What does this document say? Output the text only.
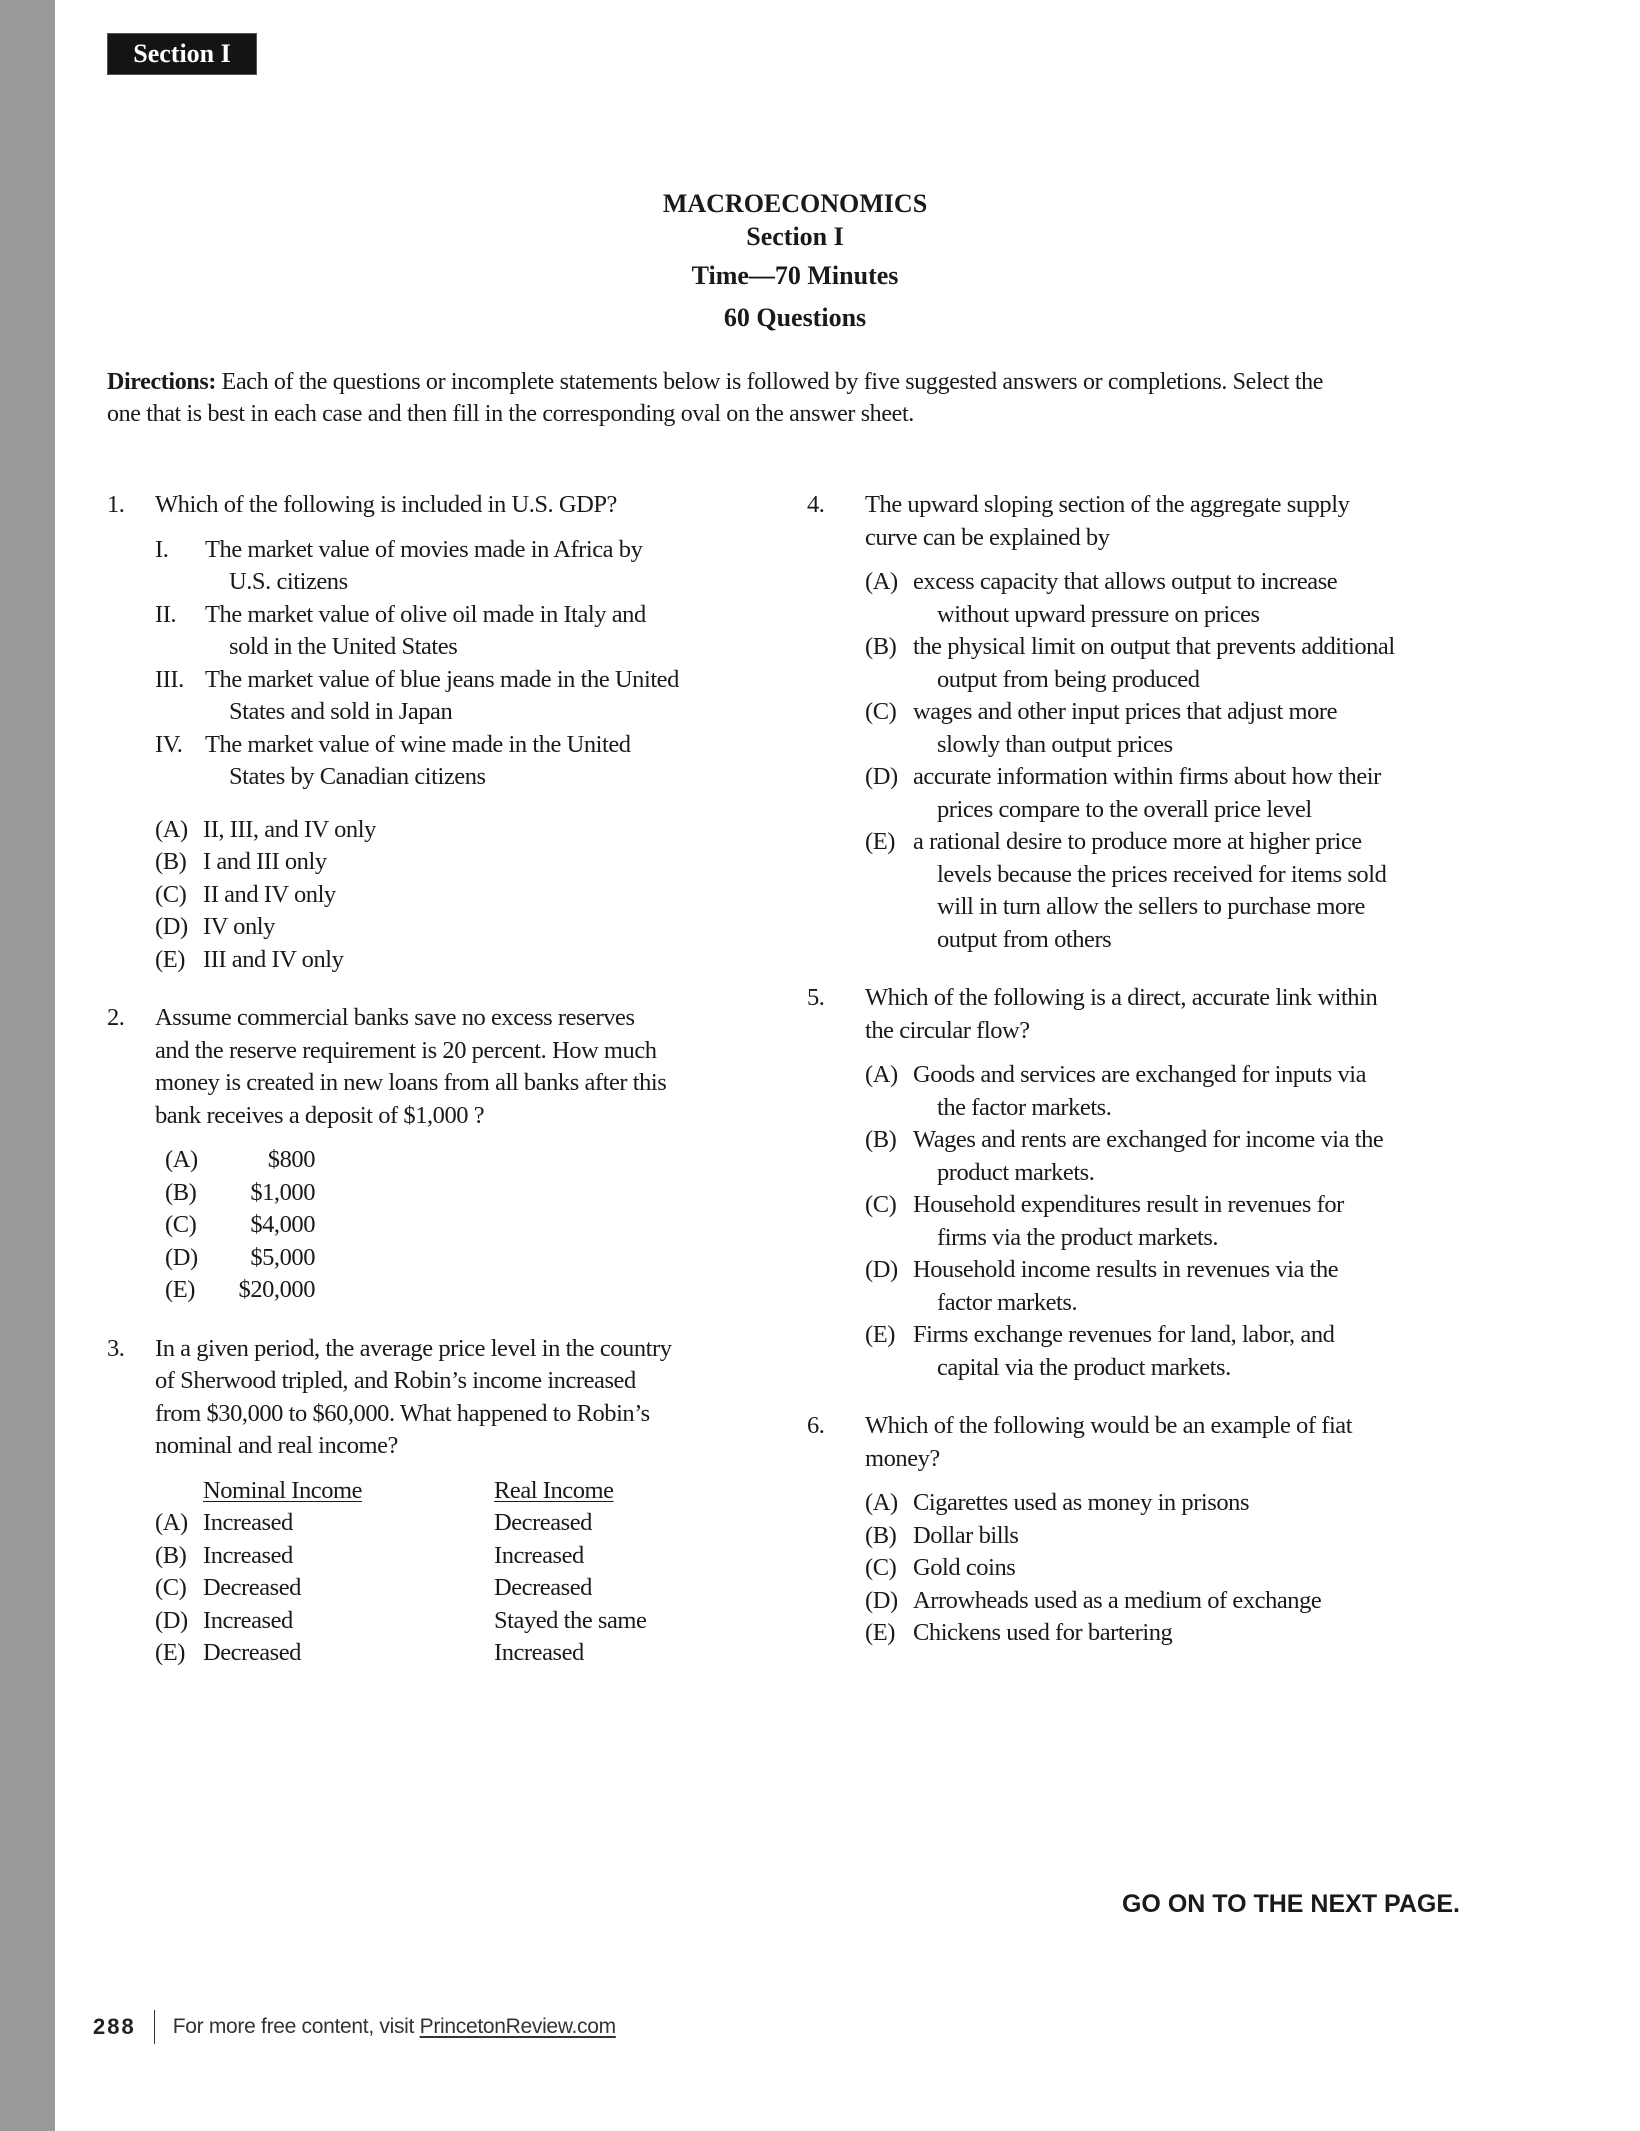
Section I
MACROECONOMICS
Section I
Time—70 Minutes
60 Questions
Directions: Each of the questions or incomplete statements below is followed by five suggested answers or completions. Select the
one that is best in each case and then fill in the corresponding oval on the answer sheet.
1.	Which of the following is included in U.S. GDP?
I. The market value of movies made in Africa by
U.S. citizens
II. The market value of olive oil made in Italy and
sold in the United States
III. The market value of blue jeans made in the United
States and sold in Japan
IV. The market value of wine made in the United
States by Canadian citizens
(A) II, III, and IV only
(B) I and III only
(C) II and IV only
(D) IV only
(E) III and IV only
2.	Assume commercial banks save no excess reserves
and the reserve requirement is 20 percent. How much
money is created in new loans from all banks after this
bank receives a deposit of $1,000 ?
(A)	$800
(B)	$1,000
(C)	$4,000
(D)	$5,000
(E)	$20,000
3.	In a given period, the average price level in the country
of Sherwood tripled, and Robin’s income increased
from $30,000 to $60,000. What happened to Robin’s
nominal and real income?
Nominal Income	Real Income
(A) Increased	Decreased
(B) Increased	Increased
(C) Decreased	Decreased
(D) Increased	Stayed the same
(E) Decreased	Increased
4.	The upward sloping section of the aggregate supply
curve can be explained by
(A) excess capacity that allows output to increase
without upward pressure on prices
(B) the physical limit on output that prevents additional
output from being produced
(C) wages and other input prices that adjust more
slowly than output prices
(D) accurate information within firms about how their
prices compare to the overall price level
(E) a rational desire to produce more at higher price
levels because the prices received for items sold
will in turn allow the sellers to purchase more
output from others
5.	Which of the following is a direct, accurate link within
the circular flow?
(A) Goods and services are exchanged for inputs via
the factor markets.
(B) Wages and rents are exchanged for income via the
product markets.
(C) Household expenditures result in revenues for
firms via the product markets.
(D) Household income results in revenues via the
factor markets.
(E) Firms exchange revenues for land, labor, and
capital via the product markets.
6.	Which of the following would be an example of fiat
money?
(A) Cigarettes used as money in prisons
(B) Dollar bills
(C) Gold coins
(D) Arrowheads used as a medium of exchange
(E) Chickens used for bartering
GO ON TO THE NEXT PAGE.
288 For more free content, visit PrincetonReview.com
